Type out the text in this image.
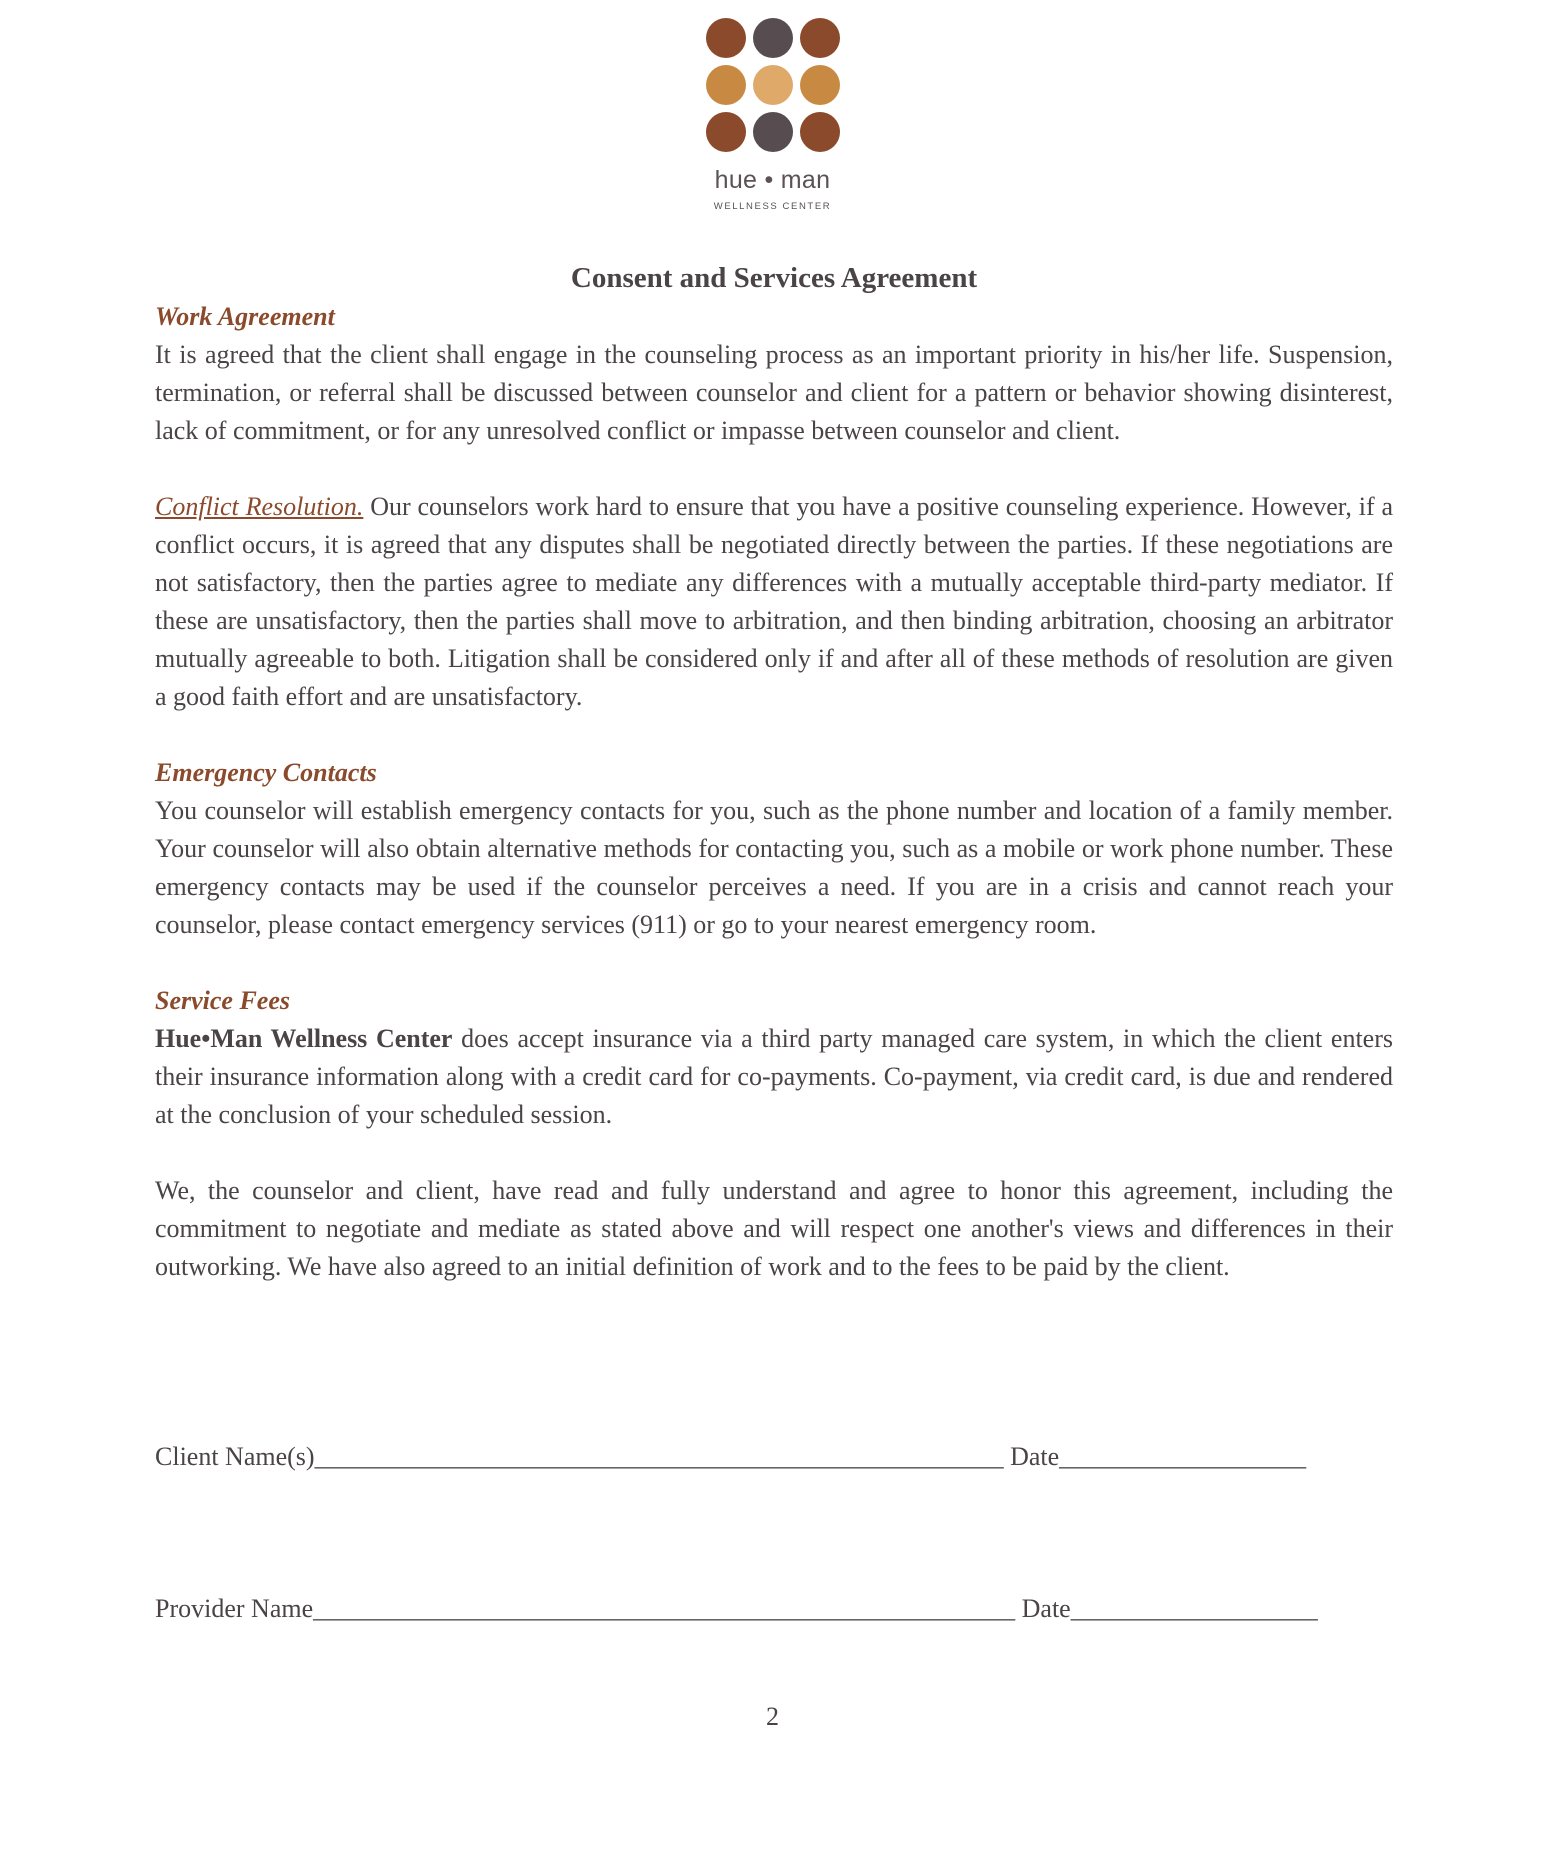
hue • man
WELLNESS CENTER
Consent and Services Agreement
Work Agreement

It is agreed that the client shall engage in the counseling process as an important priority in his/her life. Suspension, termination, or referral shall be discussed between counselor and client for a pattern or behavior showing disinterest, lack of commitment, or for any unresolved conflict or impasse between counselor and client.

Conflict Resolution. Our counselors work hard to ensure that you have a positive counseling experience. However, if a conflict occurs, it is agreed that any disputes shall be negotiated directly between the parties. If these negotiations are not satisfactory, then the parties agree to mediate any differences with a mutually acceptable third-party mediator. If these are unsatisfactory, then the parties shall move to arbitration, and then binding arbitration, choosing an arbitrator mutually agreeable to both. Litigation shall be considered only if and after all of these methods of resolution are given a good faith effort and are unsatisfactory.

Emergency Contacts

You counselor will establish emergency contacts for you, such as the phone number and location of a family member. Your counselor will also obtain alternative methods for contacting you, such as a mobile or work phone number. These emergency contacts may be used if the counselor perceives a need. If you are in a crisis and cannot reach your counselor, please contact emergency services (911) or go to your nearest emergency room.

Service Fees

Hue•Man Wellness Center does accept insurance via a third party managed care system, in which the client enters their insurance information along with a credit card for co-payments. Co-payment, via credit card, is due and rendered at the conclusion of your scheduled session.

We, the counselor and client, have read and fully understand and agree to honor this agreement, including the commitment to negotiate and mediate as stated above and will respect one another's views and differences in their outworking. We have also agreed to an initial definition of work and to the fees to be paid by the client.

Client Name(s)_____________________________________________________ Date___________________
Provider Name______________________________________________________ Date___________________
2
